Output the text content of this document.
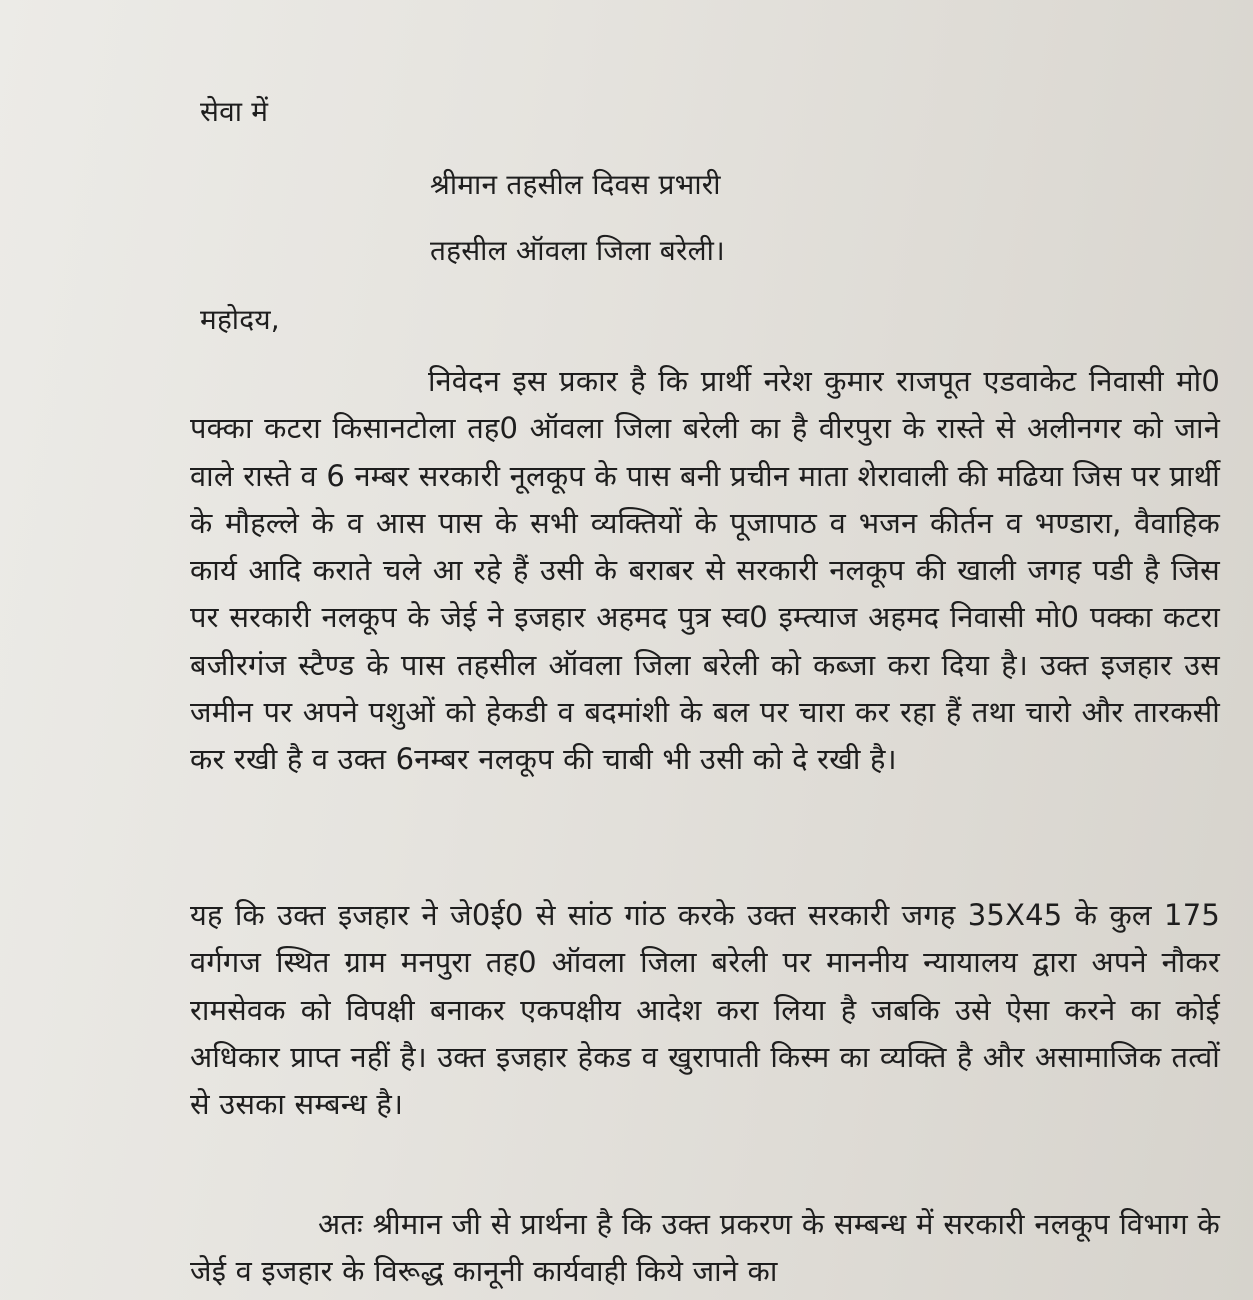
सेवा में
श्रीमान तहसील दिवस प्रभारी
तहसील ऑवला जिला बरेली।
महोदय,
निवेदन इस प्रकार है कि प्रार्थी नरेश कुमार राजपूत एडवाकेट निवासी मो0 पक्का कटरा किसानटोला तह0 ऑवला जिला बरेली का है वीरपुरा के रास्ते से अलीनगर को जाने वाले रास्ते व 6 नम्बर सरकारी नूलकूप के पास बनी प्रचीन माता शेरावाली की मढिया जिस पर प्रार्थी के मौहल्ले के व आस पास के सभी व्यक्तियों के पूजापाठ व भजन कीर्तन व भण्डारा, वैवाहिक कार्य आदि कराते चले आ रहे हैं उसी के बराबर से सरकारी नलकूप की खाली जगह पडी है जिस पर सरकारी नलकूप के जेई ने इजहार अहमद पुत्र स्व0 इम्त्याज अहमद निवासी मो0 पक्का कटरा बजीरगंज स्टैण्ड के पास तहसील ऑवला जिला बरेली को कब्जा करा दिया है। उक्त इजहार उस जमीन पर अपने पशुओं को हेकडी व बदमांशी के बल पर चारा कर रहा हैं तथा चारो और तारकसी कर रखी है व उक्त 6नम्बर नलकूप की चाबी भी उसी को दे रखी है।
यह कि उक्त इजहार ने जे0ई0 से सांठ गांठ करके उक्त सरकारी जगह 35X45 के कुल 175 वर्गगज स्थित ग्राम मनपुरा तह0 ऑवला जिला बरेली पर माननीय न्यायालय द्वारा अपने नौकर रामसेवक को विपक्षी बनाकर एकपक्षीय आदेश करा लिया है जबकि उसे ऐसा करने का कोई अधिकार प्राप्त नहीं है। उक्त इजहार हेकड व खुरापाती किस्म का व्यक्ति है और असामाजिक तत्वों से उसका सम्बन्ध है।
अतः श्रीमान जी से प्रार्थना है कि उक्त प्रकरण के सम्बन्ध में सरकारी नलकूप विभाग के जेई व इजहार के विरूद्ध कानूनी कार्यवाही किये जाने का
